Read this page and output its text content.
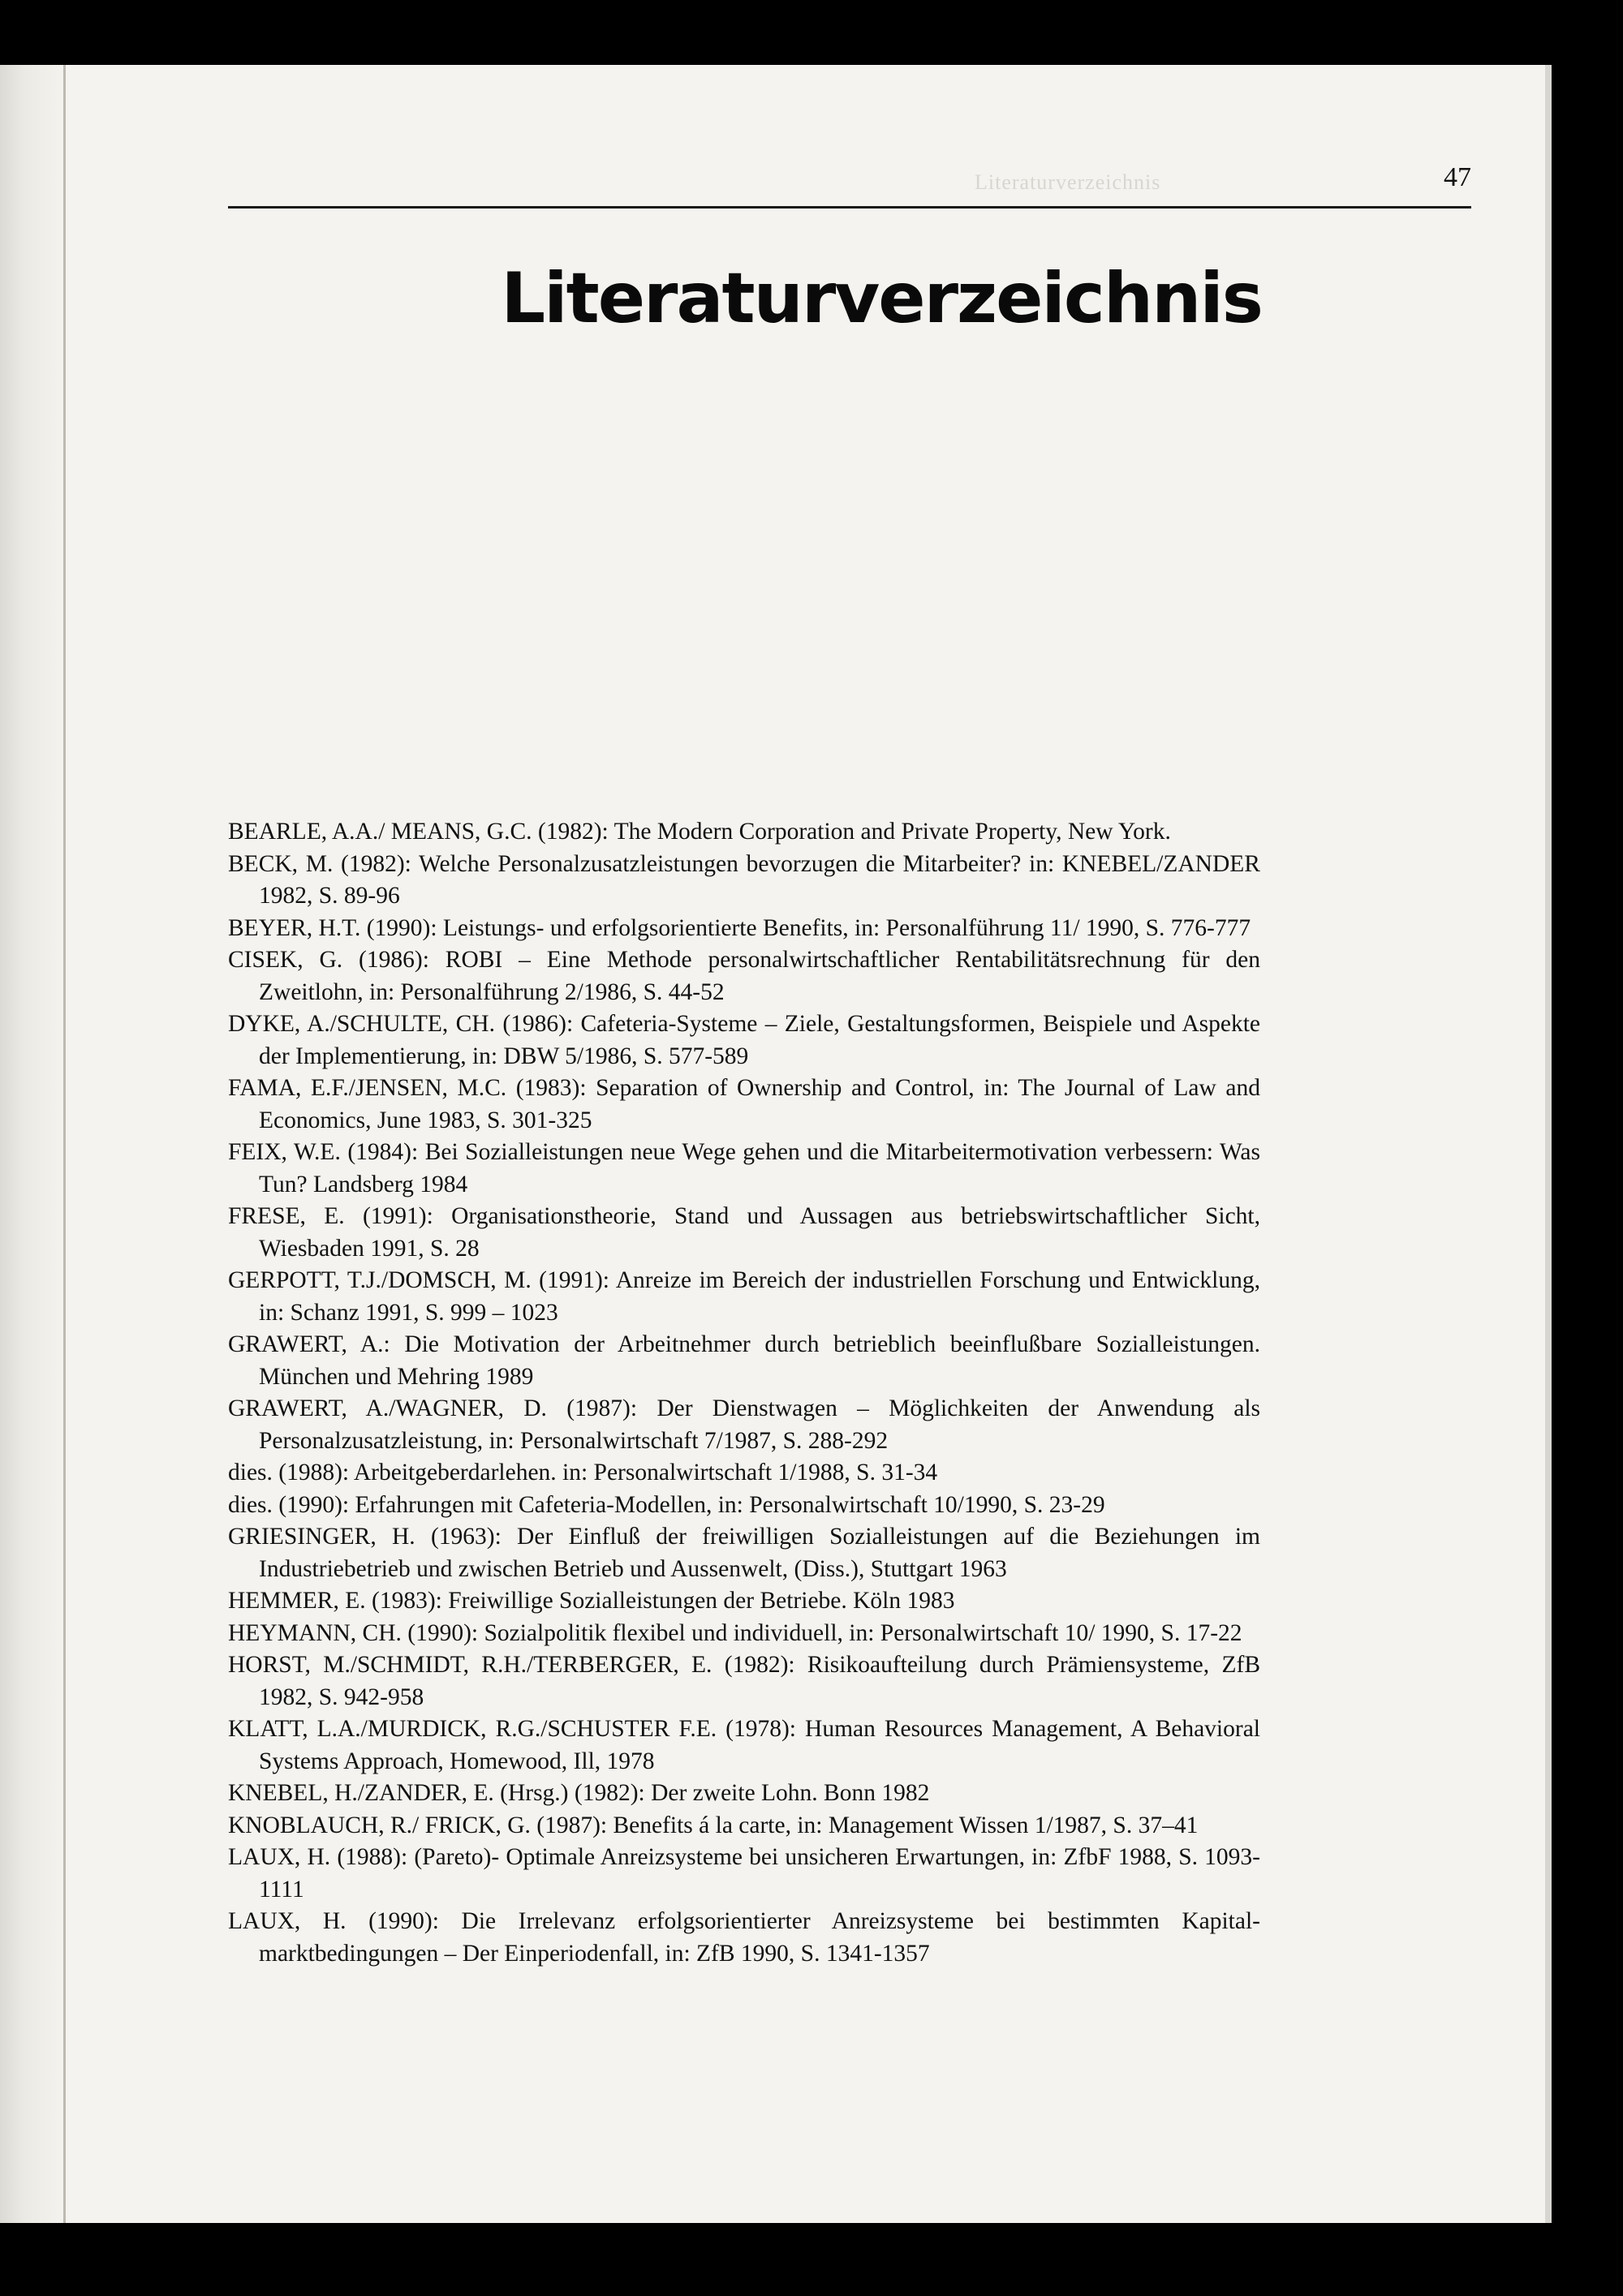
Literaturverzeichnis	47
Literaturverzeichnis
BEARLE, A.A./ MEANS, G.C. (1982): The Modern Corporation and Private Property, New York.
BECK, M. (1982): Welche Personalzusatzleistungen bevorzugen die Mitarbeiter? in: KNEBEL/ZANDER 1982, S. 89-96
BEYER, H.T. (1990): Leistungs- und erfolgsorientierte Benefits, in: Personalführung 11/ 1990, S. 776-777
CISEK, G. (1986): ROBI – Eine Methode personalwirtschaftlicher Rentabilitätsrechnung für den Zweitlohn, in: Personalführung 2/1986, S. 44-52
DYKE, A./SCHULTE, CH. (1986): Cafeteria-Systeme – Ziele, Gestaltungsformen, Beispiele und Aspekte der Implementierung, in: DBW 5/1986, S. 577-589
FAMA, E.F./JENSEN, M.C. (1983): Separation of Ownership and Control, in: The Journal of Law and Economics, June 1983, S. 301-325
FEIX, W.E. (1984): Bei Sozialleistungen neue Wege gehen und die Mitarbeitermotivation verbessern: Was Tun? Landsberg 1984
FRESE, E. (1991): Organisationstheorie, Stand und Aussagen aus betriebswirtschaftlicher Sicht, Wiesbaden 1991, S. 28
GERPOTT, T.J./DOMSCH, M. (1991): Anreize im Bereich der industriellen Forschung und Entwicklung, in: Schanz 1991, S. 999 – 1023
GRAWERT, A.: Die Motivation der Arbeitnehmer durch betrieblich beeinflußbare Sozialleistungen. München und Mehring 1989
GRAWERT, A./WAGNER, D. (1987): Der Dienstwagen – Möglichkeiten der Anwendung als Personalzusatzleistung, in: Personalwirtschaft 7/1987, S. 288-292
dies. (1988): Arbeitgeberdarlehen. in: Personalwirtschaft 1/1988, S. 31-34
dies. (1990): Erfahrungen mit Cafeteria-Modellen, in: Personalwirtschaft 10/1990, S. 23-29
GRIESINGER, H. (1963): Der Einfluß der freiwilligen Sozialleistungen auf die Beziehungen im Industriebetrieb und zwischen Betrieb und Aussenwelt, (Diss.), Stuttgart 1963
HEMMER, E. (1983): Freiwillige Sozialleistungen der Betriebe. Köln 1983
HEYMANN, CH. (1990): Sozialpolitik flexibel und individuell, in: Personalwirtschaft 10/ 1990, S. 17-22
HORST, M./SCHMIDT, R.H./TERBERGER, E. (1982): Risikoaufteilung durch Prämiensysteme, ZfB 1982, S. 942-958
KLATT, L.A./MURDICK, R.G./SCHUSTER F.E. (1978): Human Resources Management, A Behavioral Systems Approach, Homewood, Ill, 1978
KNEBEL, H./ZANDER, E. (Hrsg.) (1982): Der zweite Lohn. Bonn 1982
KNOBLAUCH, R./ FRICK, G. (1987): Benefits á la carte, in: Management Wissen 1/1987, S. 37–41
LAUX, H. (1988): (Pareto)- Optimale Anreizsysteme bei unsicheren Erwartungen, in: ZfbF 1988, S. 1093-1111
LAUX, H. (1990): Die Irrelevanz erfolgsorientierter Anreizsysteme bei bestimmten Kapitalmarktbedingungen – Der Einperiodenfall, in: ZfB 1990, S. 1341-1357
